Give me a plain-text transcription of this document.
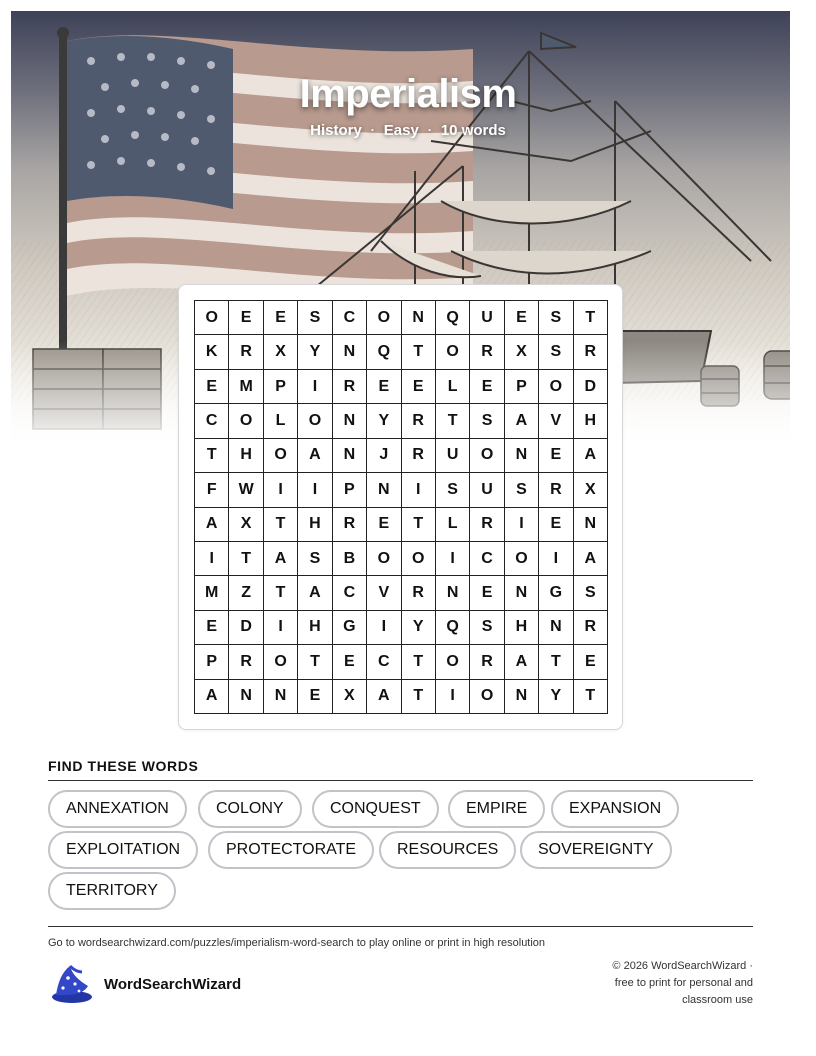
Imperialism
History · Easy · 10 words
O	E	E	S	C	O	N	Q	U	E	S	T
K	R	X	Y	N	Q	T	O	R	X	S	R
E	M	P	I	R	E	E	L	E	P	O	D
C	O	L	O	N	Y	R	T	S	A	V	H
T	H	O	A	N	J	R	U	O	N	E	A
F	W	I	I	P	N	I	S	U	S	R	X
A	X	T	H	R	E	T	L	R	I	E	N
I	T	A	S	B	O	O	I	C	O	I	A
M	Z	T	A	C	V	R	N	E	N	G	S
E	D	I	H	G	I	Y	Q	S	H	N	R
P	R	O	T	E	C	T	O	R	A	T	E
A	N	N	E	X	A	T	I	O	N	Y	T
FIND THESE WORDS
ANNEXATION	COLONY	CONQUEST	EMPIRE	EXPANSION
EXPLOITATION	PROTECTORATE	RESOURCES	SOVEREIGNTY
TERRITORY
Go to wordsearchwizard.com/puzzles/imperialism-word-search to play online or print in high resolution
WordSearchWizard
© 2026 WordSearchWizard ·
free to print for personal and
classroom use
